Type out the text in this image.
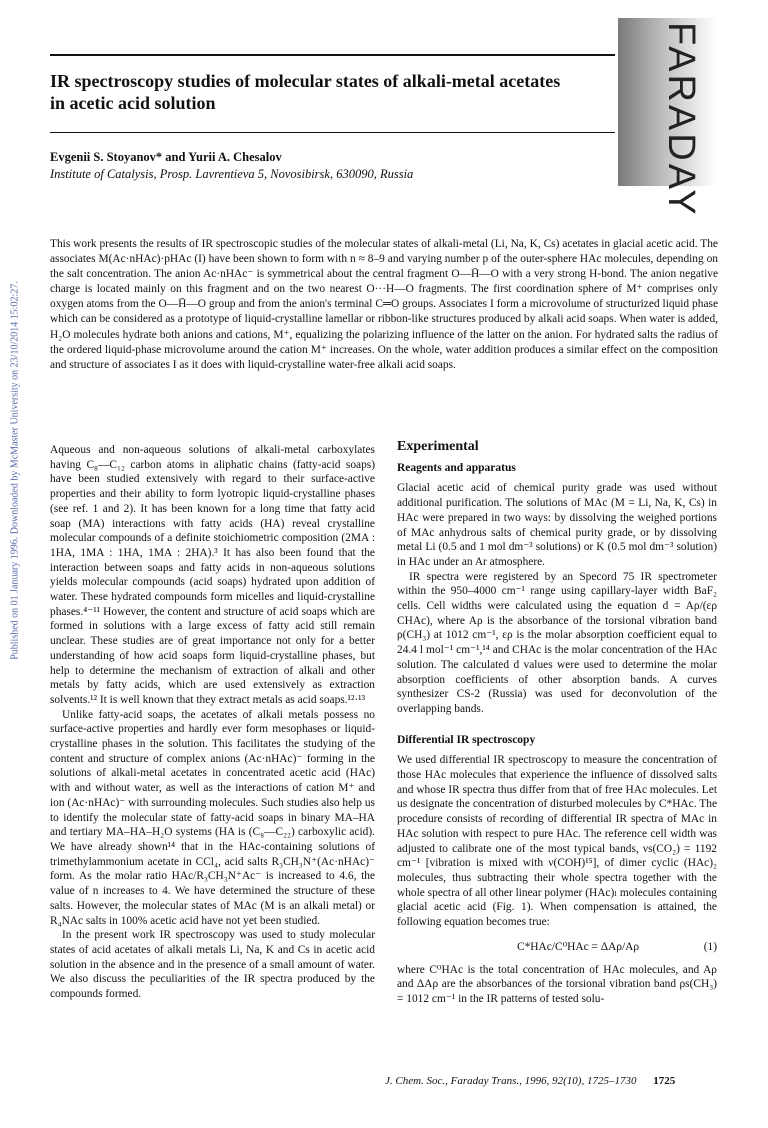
Published on 01 January 1996. Downloaded by McMaster University on 23/10/2014 15:02:27.
FARADAY
IR spectroscopy studies of molecular states of alkali-metal acetates in acetic acid solution
Evgenii S. Stoyanov* and Yurii A. Chesalov
Institute of Catalysis, Prosp. Lavrentieva 5, Novosibirsk, 630090, Russia
This work presents the results of IR spectroscopic studies of the molecular states of alkali-metal (Li, Na, K, Cs) acetates in glacial acetic acid. The associates M(Ac·nHAc)·pHAc (I) have been shown to form with n ≈ 8–9 and varying number p of the outer-sphere HAc molecules, depending on the salt concentration. The anion Ac·nHAc⁻ is symmetrical about the central fragment O—H̄—O with a very strong H-bond. The anion negative charge is located mainly on this fragment and on the two nearest O···H—O fragments. The first coordination sphere of M⁺ comprises only oxygen atoms from the O—H̄—O group and from the anion's terminal C═O groups. Associates I form a microvolume of structurized liquid phase which can be considered as a prototype of liquid-crystalline lamellar or ribbon-like structures produced by alkali acid soaps. When water is added, H₂O molecules hydrate both anions and cations, M⁺, equalizing the polarizing influence of the latter on the anion. For hydrated salts the radius of the ordered liquid-phase microvolume around the cation M⁺ increases. On the whole, water addition produces a similar effect on the composition and structure of associates I as it does with liquid-crystalline water-free alkali acid soaps.

Aqueous and non-aqueous solutions of alkali-metal carboxylates having C₈—C₁₂ carbon atoms in aliphatic chains (fatty-acid soaps) have been studied extensively with regard to their surface-active properties and their ability to form lyotropic liquid-crystalline phases (see ref. 1 and 2). It has been known for a long time that fatty acid soap (MA) interactions with fatty acids (HA) reveal crystalline molecular compounds of a definite stoichiometric composition (2MA : 1HA, 1MA : 1HA, 1MA : 2HA).³ It has also been found that the interaction between soaps and fatty acids in non-aqueous solutions yields molecular compounds (acid soaps) hydrated upon addition of water. These hydrated compounds form micelles and liquid-crystalline phases.⁴⁻¹¹ However, the content and structure of acid soaps which are formed in solutions with a large excess of fatty acid still remain unclear. These studies are of great importance not only for a better understanding of how acid soaps form liquid-crystalline phases, but help to determine the mechanism of extraction of alkali and other metals by fatty acids, which are used extensively as extraction solvents.¹² It is well known that they extract metals as acid soaps.¹²·¹³

Unlike fatty-acid soaps, the acetates of alkali metals possess no surface-active properties and hardly ever form mesophases or liquid-crystalline phases in the solution. This facilitates the studying of the content and structure of complex anions (Ac·nHAc)⁻ forming in the solutions of alkali-metal acetates in concentrated acetic acid (HAc) with and without water, as well as the interactions of cation M⁺ and ion (Ac·nHAc)⁻ with surrounding molecules. Such studies also help us to identify the molecular state of fatty-acid soaps in binary MA–HA and tertiary MA–HA–H₂O systems (HA is (C₈—C₂₂) carboxylic acid). We have already shown¹⁴ that in the HAc-containing solutions of trimethylammonium acetate in CCl₄, acid salts R₃CH₃N⁺(Ac·nHAc)⁻ form. As the molar ratio HAc/R₃CH₃N⁺Ac⁻ is increased to 4.6, the value of n increases to 4. We have determined the structure of these salts. However, the molecular states of MAc (M is an alkali metal) or R₄NAc salts in 100% acetic acid have not yet been studied.

In the present work IR spectroscopy was used to study molecular states of acid acetates of alkali metals Li, Na, K and Cs in acetic acid solution in the absence and in the presence of a small amount of water. We also discuss the peculiarities of the IR spectra produced by the compounds formed.

Experimental
Reagents and apparatus

Glacial acetic acid of chemical purity grade was used without additional purification. The solutions of MAc (M = Li, Na, K, Cs) in HAc were prepared in two ways: by dissolving the weighed portions of MAc anhydrous salts of chemical purity grade, or by dissolving metal Li (0.5 and 1 mol dm⁻³ solutions) or K (0.5 mol dm⁻³ solution) in HAc under an Ar atmosphere.

IR spectra were registered by an Specord 75 IR spectrometer within the 950–4000 cm⁻¹ range using capillary-layer width BaF₂ cells. Cell widths were calculated using the equation d = Aρ/(ερ CHAc), where Aρ is the absorbance of the torsional vibration band ρ(CH₃) at 1012 cm⁻¹, ερ is the molar absorption coefficient equal to 24.4 l mol⁻¹ cm⁻¹,¹⁴ and CHAc is the molar concentration of the HAc solution. The calculated d values were used to determine the molar absorption coefficients of other absorption bands. A curves synthesizer CS-2 (Russia) was used for deconvolution of the overlapping bands.

Differential IR spectroscopy

We used differential IR spectroscopy to measure the concentration of those HAc molecules that experience the influence of dissolved salts and whose IR spectra thus differ from that of free HAc molecules. Let us designate the concentration of disturbed molecules by C*HAc. The procedure consists of recording of differential IR spectra of MAc in HAc solution with respect to pure HAc. The reference cell width was adjusted to calibrate one of the most typical bands, νs(CO₂) = 1192 cm⁻¹ [vibration is mixed with ν(COH)¹⁵], of dimer cyclic (HAc)₂ molecules, thus subtracting their whole spectra together with the whole spectra of all other linear polymer (HAc)ₗ molecules containing glacial acetic acid (Fig. 1). When compensation is attained, the following equation becomes true:

C*HAc/C⁰HAc = ΔAρ/Aρ	(1)

where C⁰HAc is the total concentration of HAc molecules, and Aρ and ΔAρ are the absorbances of the torsional vibration band ρs(CH₃) = 1012 cm⁻¹ in the IR patterns of tested solu-

J. Chem. Soc., Faraday Trans., 1996, 92(10), 1725–1730 1725
